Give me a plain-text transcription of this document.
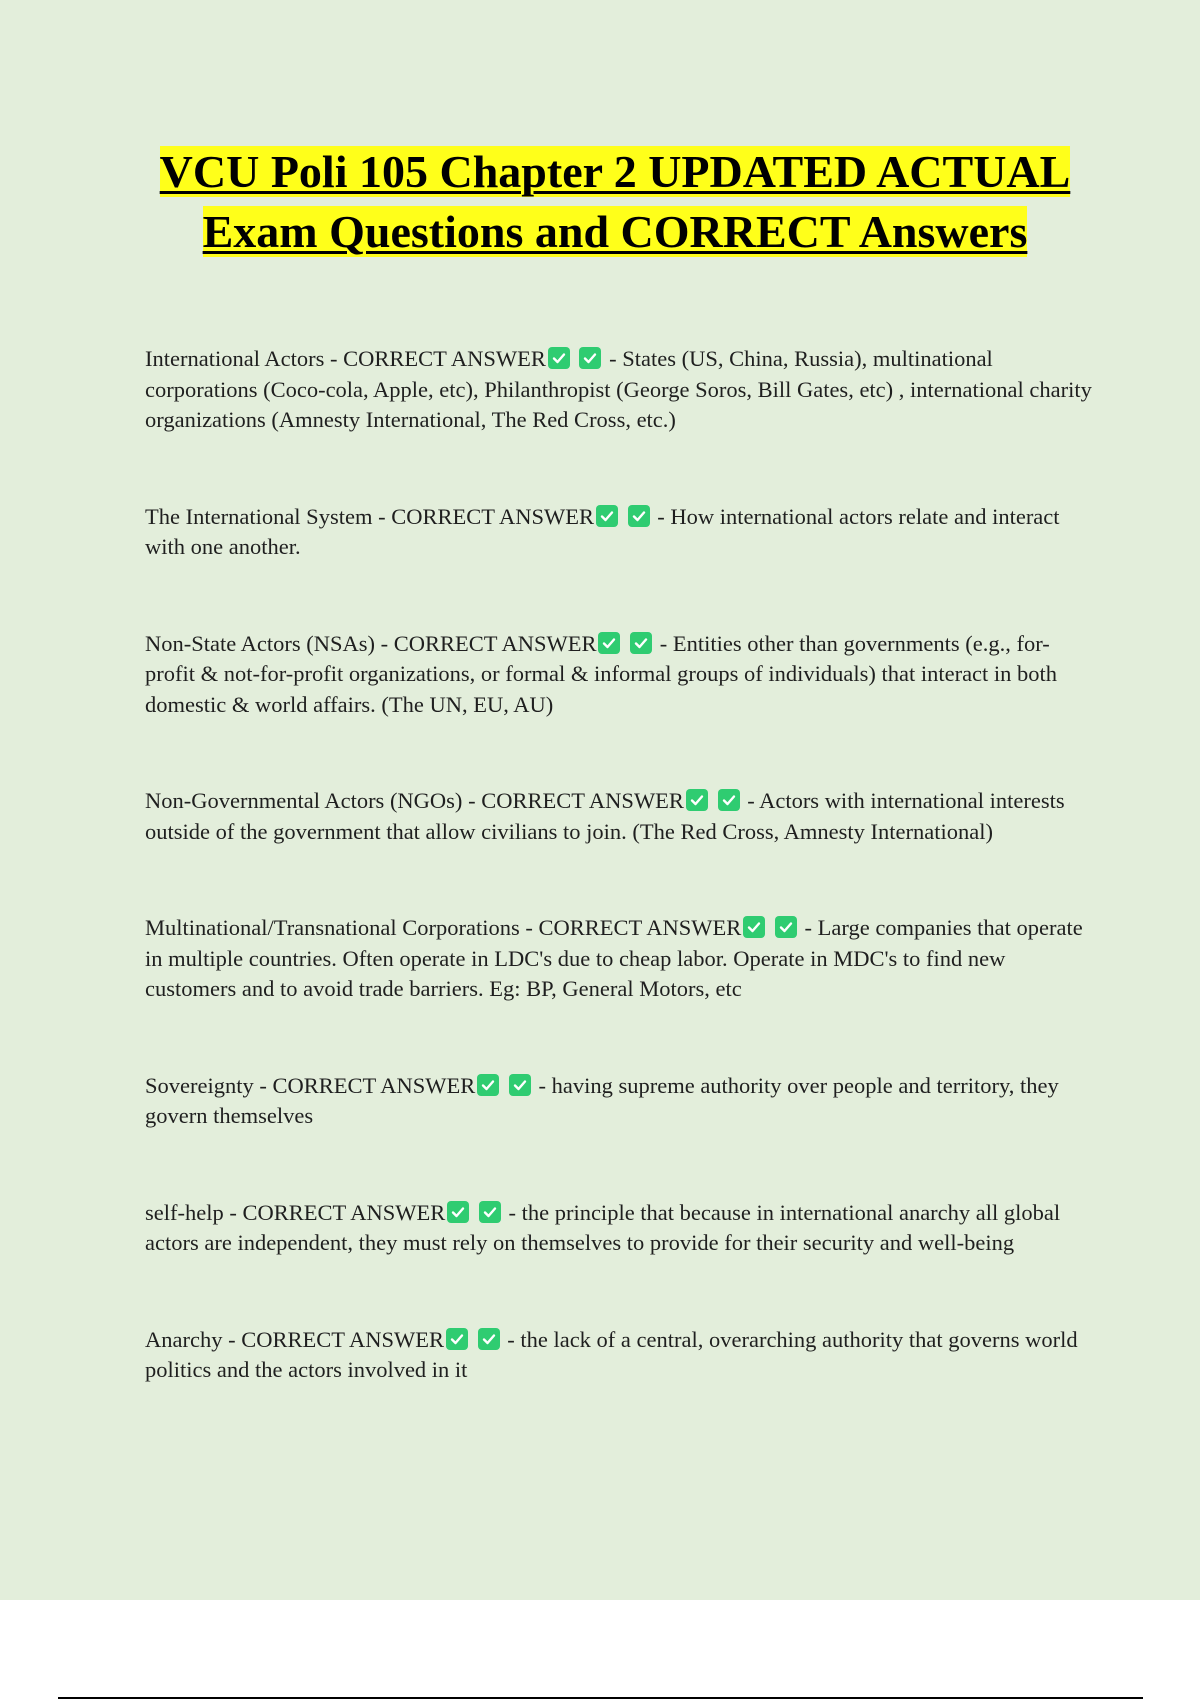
VCU Poli 105 Chapter 2 UPDATED ACTUAL Exam Questions and CORRECT Answers
International Actors - CORRECT ANSWER
	- States (US, China, Russia), multinational corporations (Coco-cola, Apple, etc), Philanthropist (George Soros, Bill Gates, etc) , international charity organizations (Amnesty International, The Red Cross, etc.)
The International System - CORRECT ANSWER
	- How international actors relate and interact with one another.
Non-State Actors (NSAs) - CORRECT ANSWER
	- Entities other than governments (e.g., for-profit & not-for-profit organizations, or formal & informal groups of individuals) that interact in both domestic & world affairs. (The UN, EU, AU)
Non-Governmental Actors (NGOs) - CORRECT ANSWER
	- Actors with international interests outside of the government that allow civilians to join. (The Red Cross, Amnesty International)
Multinational/Transnational Corporations - CORRECT ANSWER
	- Large companies that operate in multiple countries. Often operate in LDC's due to cheap labor. Operate in MDC's to find new customers and to avoid trade barriers. Eg: BP, General Motors, etc
Sovereignty - CORRECT ANSWER
	- having supreme authority over people and territory, they govern themselves
self-help - CORRECT ANSWER
	- the principle that because in international anarchy all global actors are independent, they must rely on themselves to provide for their security and well-being
Anarchy - CORRECT ANSWER
	- the lack of a central, overarching authority that governs world politics and the actors involved in it
